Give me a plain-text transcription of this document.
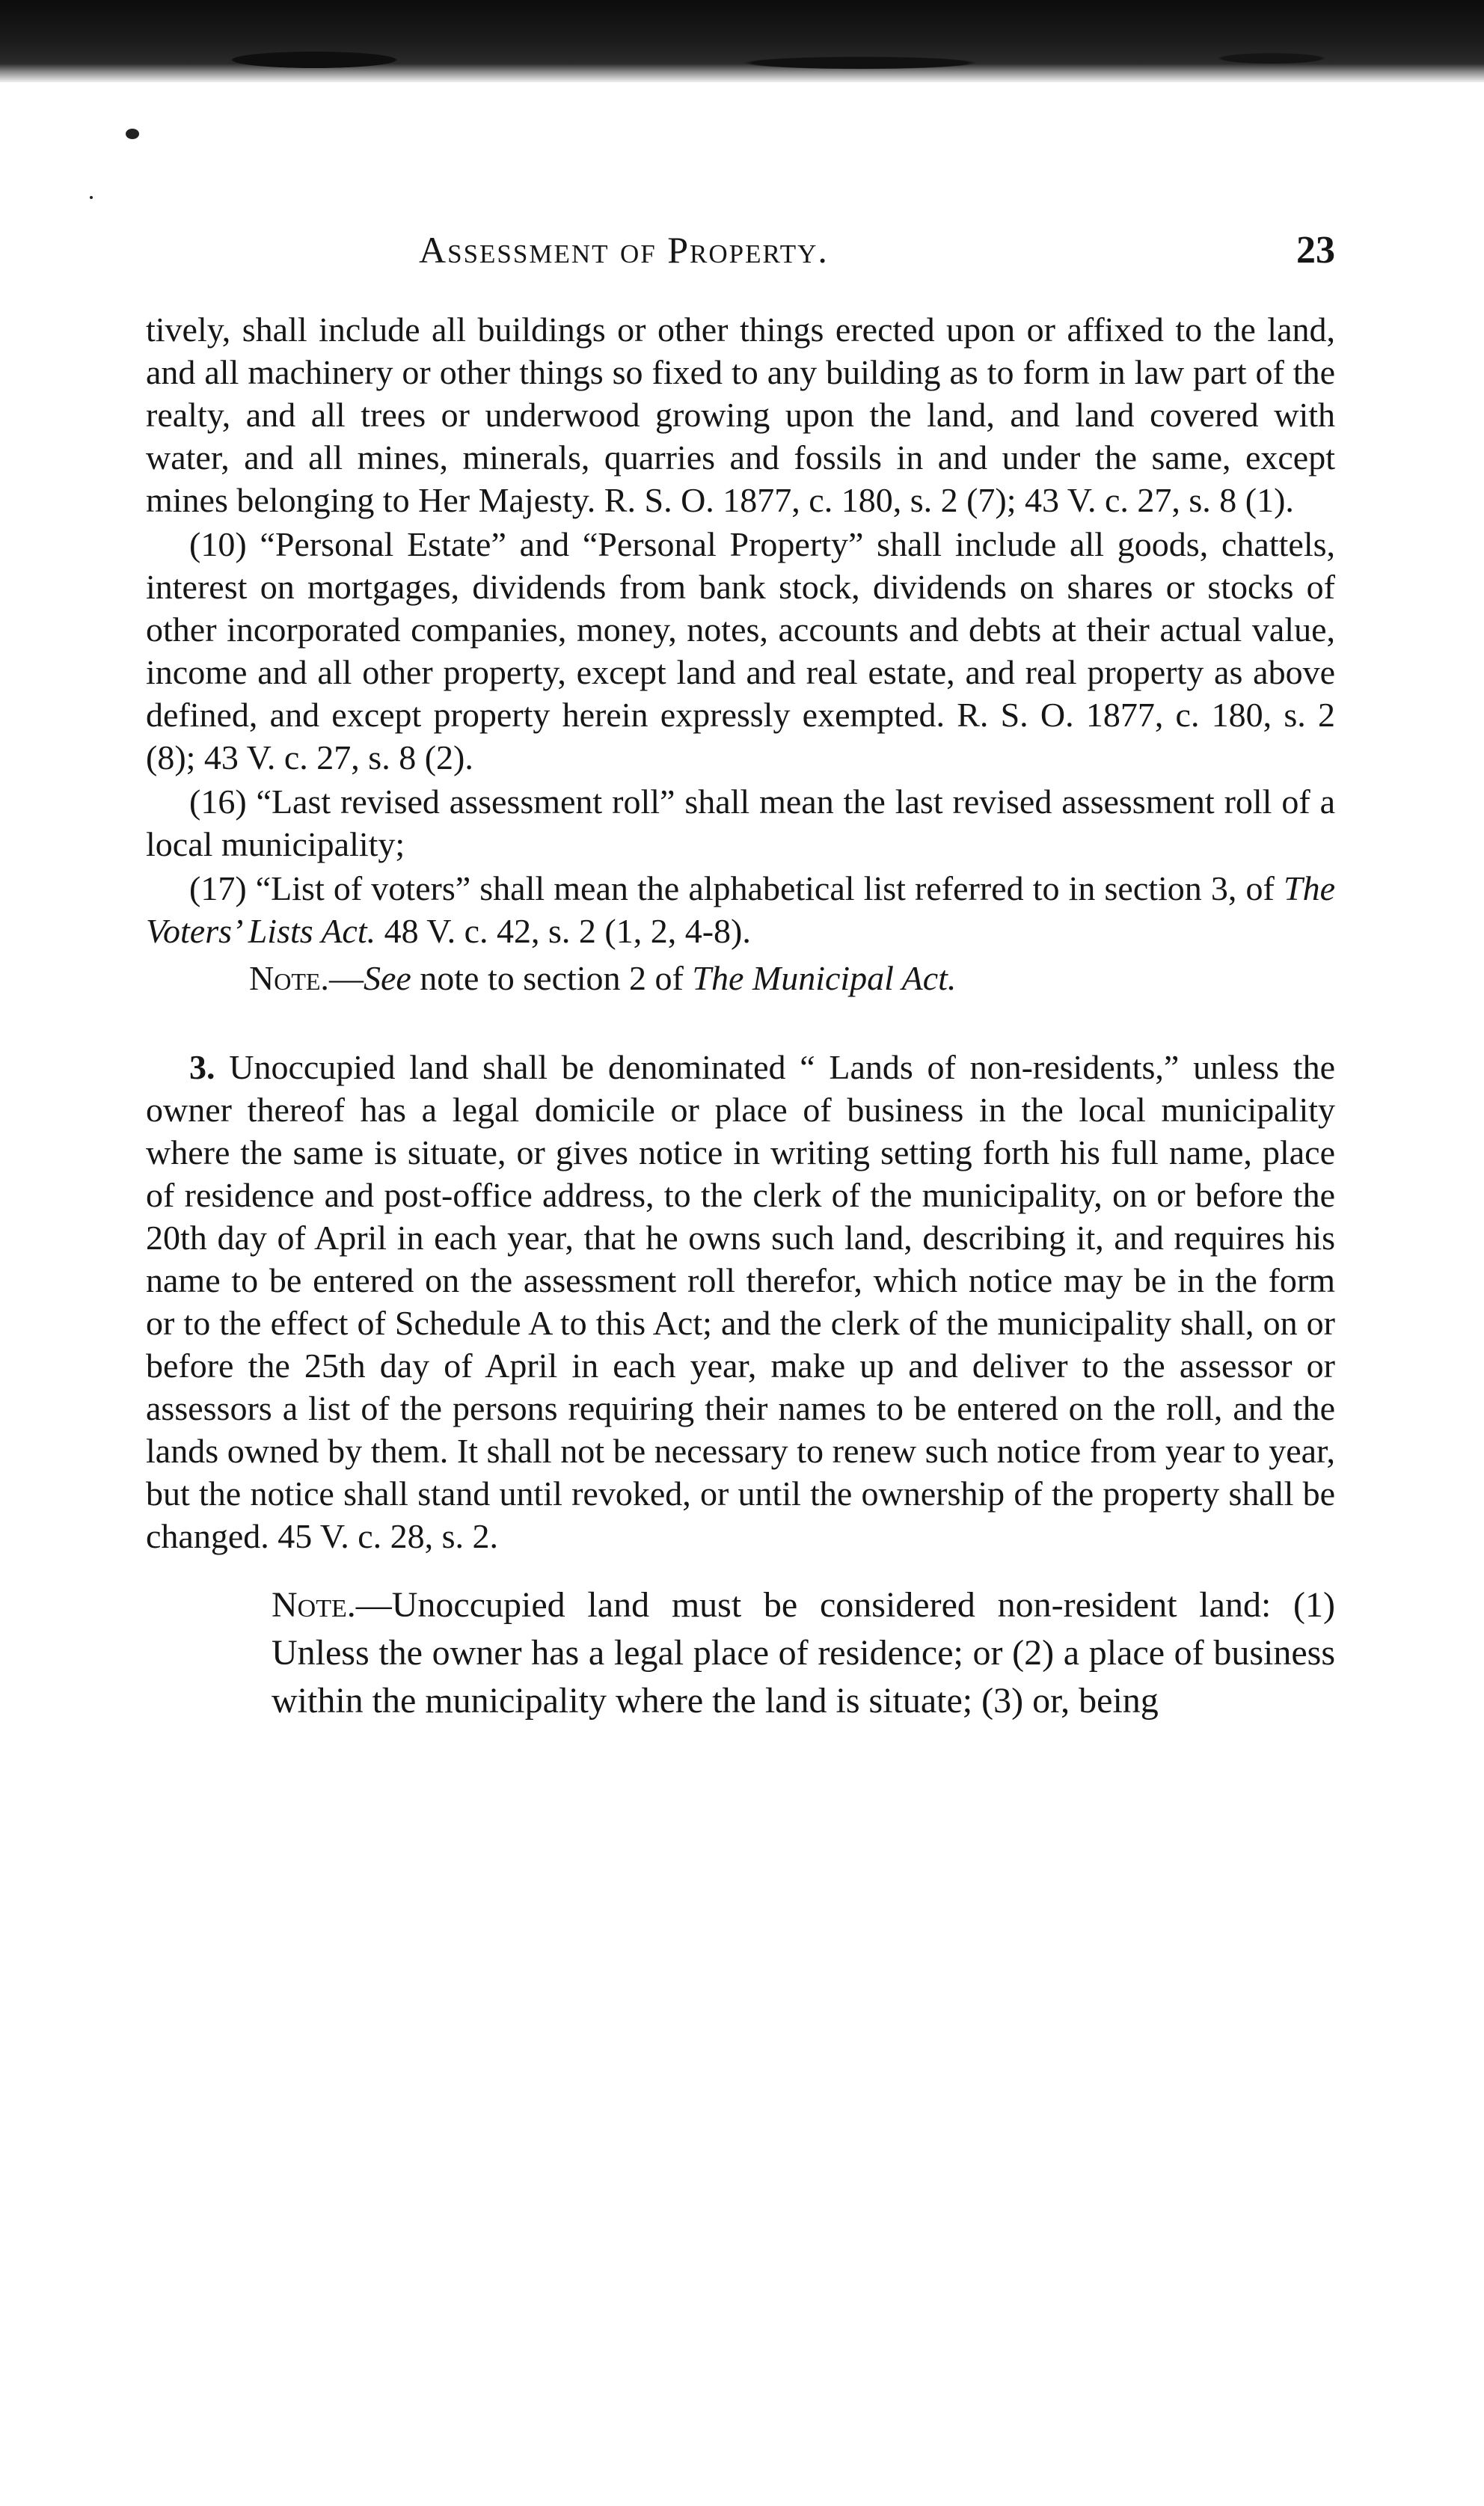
Assessment of Property.	23

tively, shall include all buildings or other things erected upon or affixed to the land, and all machinery or other things so fixed to any building as to form in law part of the realty, and all trees or underwood growing upon the land, and land covered with water, and all mines, minerals, quarries and fossils in and under the same, except mines belonging to Her Majesty. R. S. O. 1877, c. 180, s. 2 (7); 43 V. c. 27, s. 8 (1).

(10) “Personal Estate” and “Personal Property” shall include all goods, chattels, interest on mortgages, dividends from bank stock, dividends on shares or stocks of other incorporated companies, money, notes, accounts and debts at their actual value, income and all other property, except land and real estate, and real property as above defined, and except property herein expressly exempted. R. S. O. 1877, c. 180, s. 2 (8); 43 V. c. 27, s. 8 (2).

(16) “Last revised assessment roll” shall mean the last revised assessment roll of a local municipality;

(17) “List of voters” shall mean the alphabetical list referred to in section 3, of The Voters’ Lists Act. 48 V. c. 42, s. 2 (1, 2, 4-8).

Note.—See note to section 2 of The Municipal Act.

3. Unoccupied land shall be denominated “ Lands of non-residents,” unless the owner thereof has a legal domicile or place of business in the local municipality where the same is situate, or gives notice in writing setting forth his full name, place of residence and post-office address, to the clerk of the municipality, on or before the 20th day of April in each year, that he owns such land, describing it, and requires his name to be entered on the assessment roll therefor, which notice may be in the form or to the effect of Schedule A to this Act; and the clerk of the municipality shall, on or before the 25th day of April in each year, make up and deliver to the assessor or assessors a list of the persons requiring their names to be entered on the roll, and the lands owned by them. It shall not be necessary to renew such notice from year to year, but the notice shall stand until revoked, or until the ownership of the property shall be changed. 45 V. c. 28, s. 2.

Note.—Unoccupied land must be considered non-resident land: (1) Unless the owner has a legal place of residence; or (2) a place of business within the municipality where the land is situate; (3) or, being
